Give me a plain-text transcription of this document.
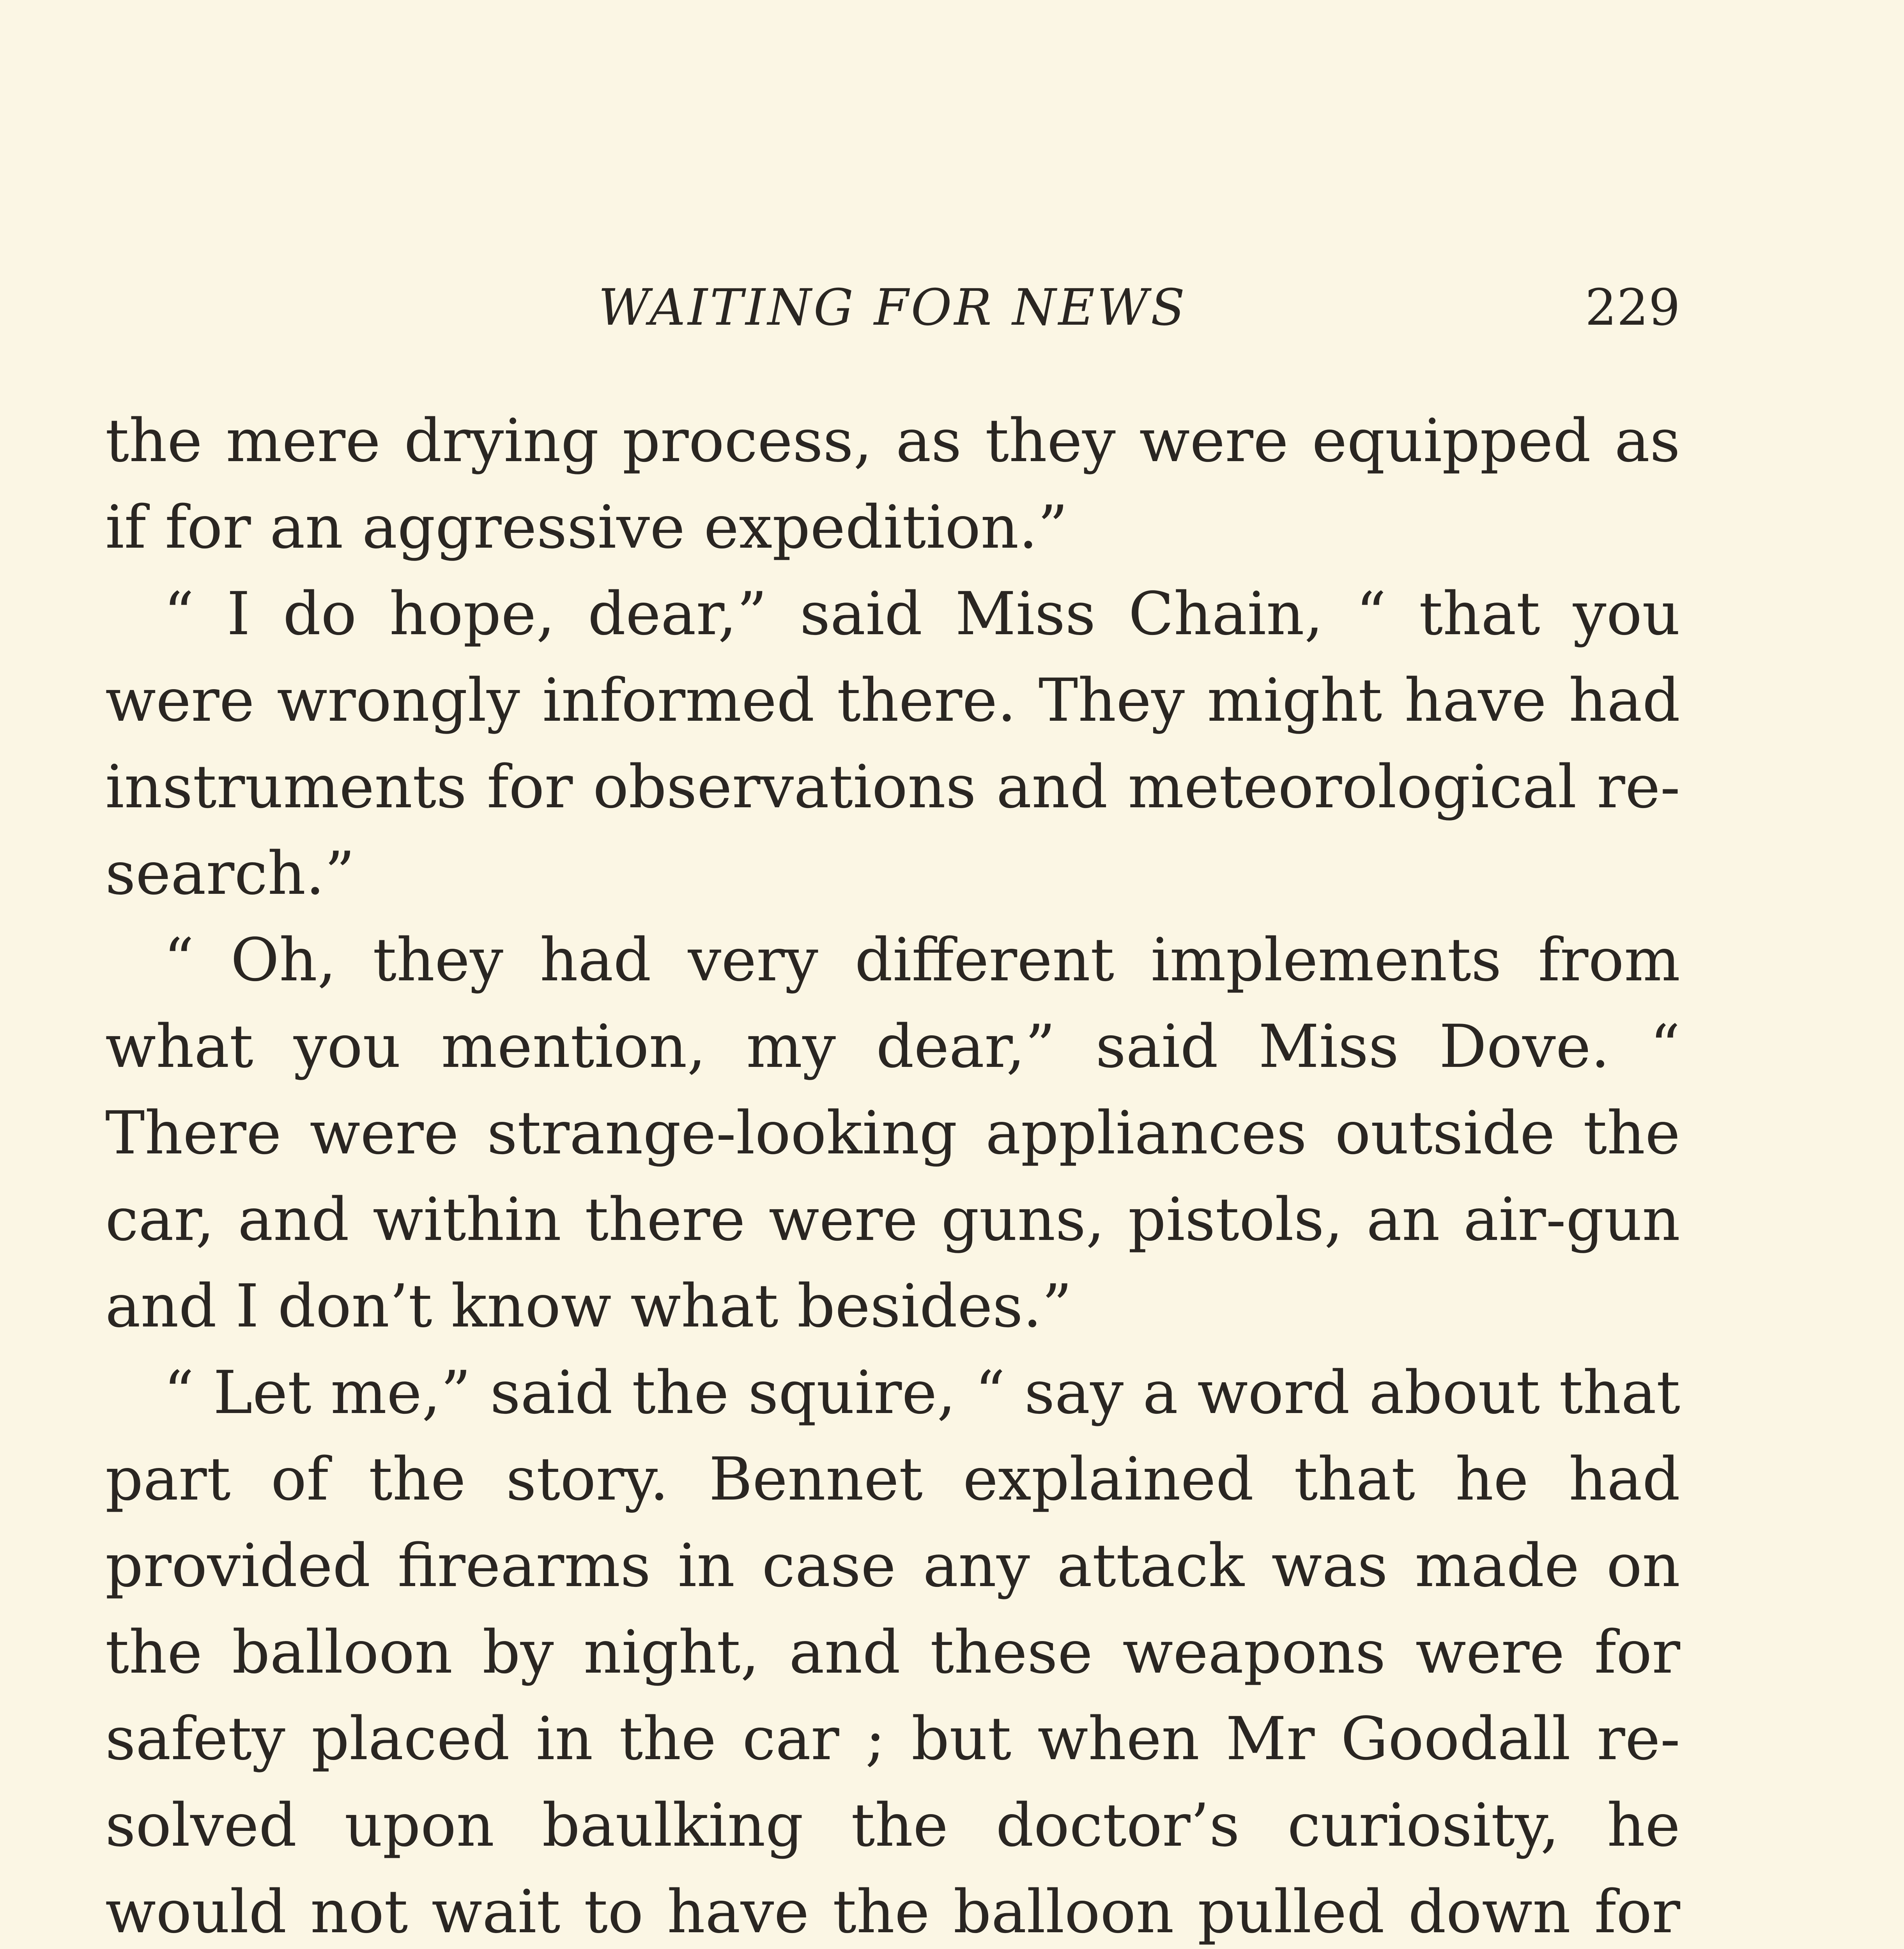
WAITING FOR NEWS	229

the mere drying process, as they were equipped as if for an aggressive expedition.”

“ I do hope, dear,” said Miss Chain, “ that you were wrongly informed there. They might have had instruments for observations and meteorological research.”

“ Oh, they had very different implements from what you mention, my dear,” said Miss Dove. “ There were strange-looking appliances outside the car, and within there were guns, pistols, an air-gun and I don’t know what besides.”

“ Let me,” said the squire, “ say a word about that part of the story. Bennet explained that he had provided firearms in case any attack was made on the balloon by night, and these weapons were for safety placed in the car ; but when Mr Goodall resolved upon baulking the doctor’s curiosity, he would not wait to have the balloon pulled down for
